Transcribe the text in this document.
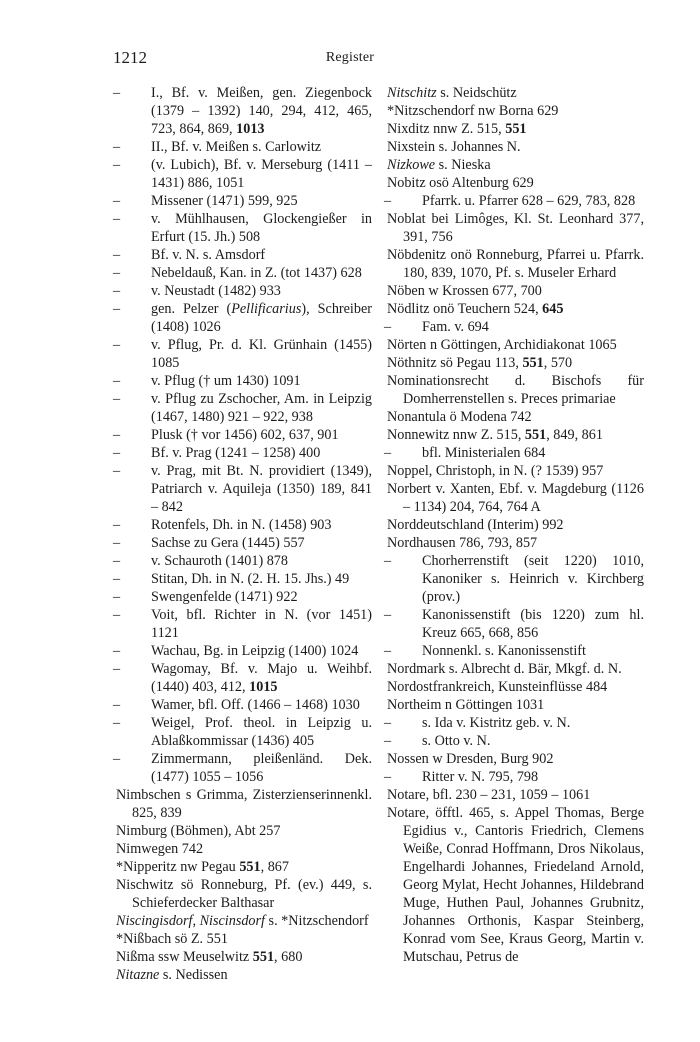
1212	Register

– I., Bf. v. Meißen, gen. Ziegenbock (1379 – 1392) 140, 294, 412, 465, 723, 864, 869, 1013

– II., Bf. v. Meißen s. Carlowitz

– (v. Lubich), Bf. v. Merseburg (1411 – 1431) 886, 1051

– Missener (1471) 599, 925

– v. Mühlhausen, Glockengießer in Erfurt (15. Jh.) 508

– Bf. v. N. s. Amsdorf

– Nebeldauß, Kan. in Z. (tot 1437) 628

– v. Neustadt (1482) 933

– gen. Pelzer (Pellificarius), Schreiber (1408) 1026

– v. Pflug, Pr. d. Kl. Grünhain (1455) 1085

– v. Pflug († um 1430) 1091

– v. Pflug zu Zschocher, Am. in Leipzig (1467, 1480) 921 – 922, 938

– Plusk († vor 1456) 602, 637, 901

– Bf. v. Prag (1241 – 1258) 400

– v. Prag, mit Bt. N. providiert (1349), Patriarch v. Aquileja (1350) 189, 841 – 842

– Rotenfels, Dh. in N. (1458) 903

– Sachse zu Gera (1445) 557

– v. Schauroth (1401) 878

– Stitan, Dh. in N. (2. H. 15. Jhs.) 49

– Swengenfelde (1471) 922

– Voit, bfl. Richter in N. (vor 1451) 1121

– Wachau, Bg. in Leipzig (1400) 1024

– Wagomay, Bf. v. Majo u. Weihbf. (1440) 403, 412, 1015

– Wamer, bfl. Off. (1466 – 1468) 1030

– Weigel, Prof. theol. in Leipzig u. Ablaßkommissar (1436) 405

– Zimmermann, pleißenländ. Dek. (1477) 1055 – 1056

Nimbschen s Grimma, Zisterzienserinnenkl. 825, 839

Nimburg (Böhmen), Abt 257

Nimwegen 742

*Nipperitz nw Pegau 551, 867

Nischwitz sö Ronneburg, Pf. (ev.) 449, s. Schieferdecker Balthasar

Niscingisdorf, Niscinsdorf s. *Nitzschendorf

*Nißbach sö Z. 551

Nißma ssw Meuselwitz 551, 680

Nitazne s. Nedissen

Nitschitz s. Neidschütz

*Nitzschendorf nw Borna 629

Nixditz nnw Z. 515, 551

Nixstein s. Johannes N.

Nizkowe s. Nieska

Nobitz osö Altenburg 629

– Pfarrk. u. Pfarrer 628 – 629, 783, 828

Noblat bei Limôges, Kl. St. Leonhard 377, 391, 756

Nöbdenitz onö Ronneburg, Pfarrei u. Pfarrk. 180, 839, 1070, Pf. s. Museler Erhard

Nöben w Krossen 677, 700

Nödlitz onö Teuchern 524, 645

– Fam. v. 694

Nörten n Göttingen, Archidiakonat 1065

Nöthnitz sö Pegau 113, 551, 570

Nominationsrecht d. Bischofs für Domherrenstellen s. Preces primariae

Nonantula ö Modena 742

Nonnewitz nnw Z. 515, 551, 849, 861

– bfl. Ministerialen 684

Noppel, Christoph, in N. (? 1539) 957

Norbert v. Xanten, Ebf. v. Magdeburg (1126 – 1134) 204, 764, 764 A

Norddeutschland (Interim) 992

Nordhausen 786, 793, 857

– Chorherrenstift (seit 1220) 1010, Kanoniker s. Heinrich v. Kirchberg (prov.)

– Kanonissenstift (bis 1220) zum hl. Kreuz 665, 668, 856

– Nonnenkl. s. Kanonissenstift

Nordmark s. Albrecht d. Bär, Mkgf. d. N.

Nordostfrankreich, Kunsteinflüsse 484

Northeim n Göttingen 1031

– s. Ida v. Kistritz geb. v. N.

– s. Otto v. N.

Nossen w Dresden, Burg 902

– Ritter v. N. 795, 798

Notare, bfl. 230 – 231, 1059 – 1061

Notare, öfftl. 465, s. Appel Thomas, Berge Egidius v., Cantoris Friedrich, Clemens Weiße, Conrad Hoffmann, Dros Nikolaus, Engelhardi Johannes, Friedeland Arnold, Georg Mylat, Hecht Johannes, Hildebrand Muge, Huthen Paul, Johannes Grubnitz, Johannes Orthonis, Kaspar Steinberg, Konrad vom See, Kraus Georg, Martin v. Mutschau, Petrus de
